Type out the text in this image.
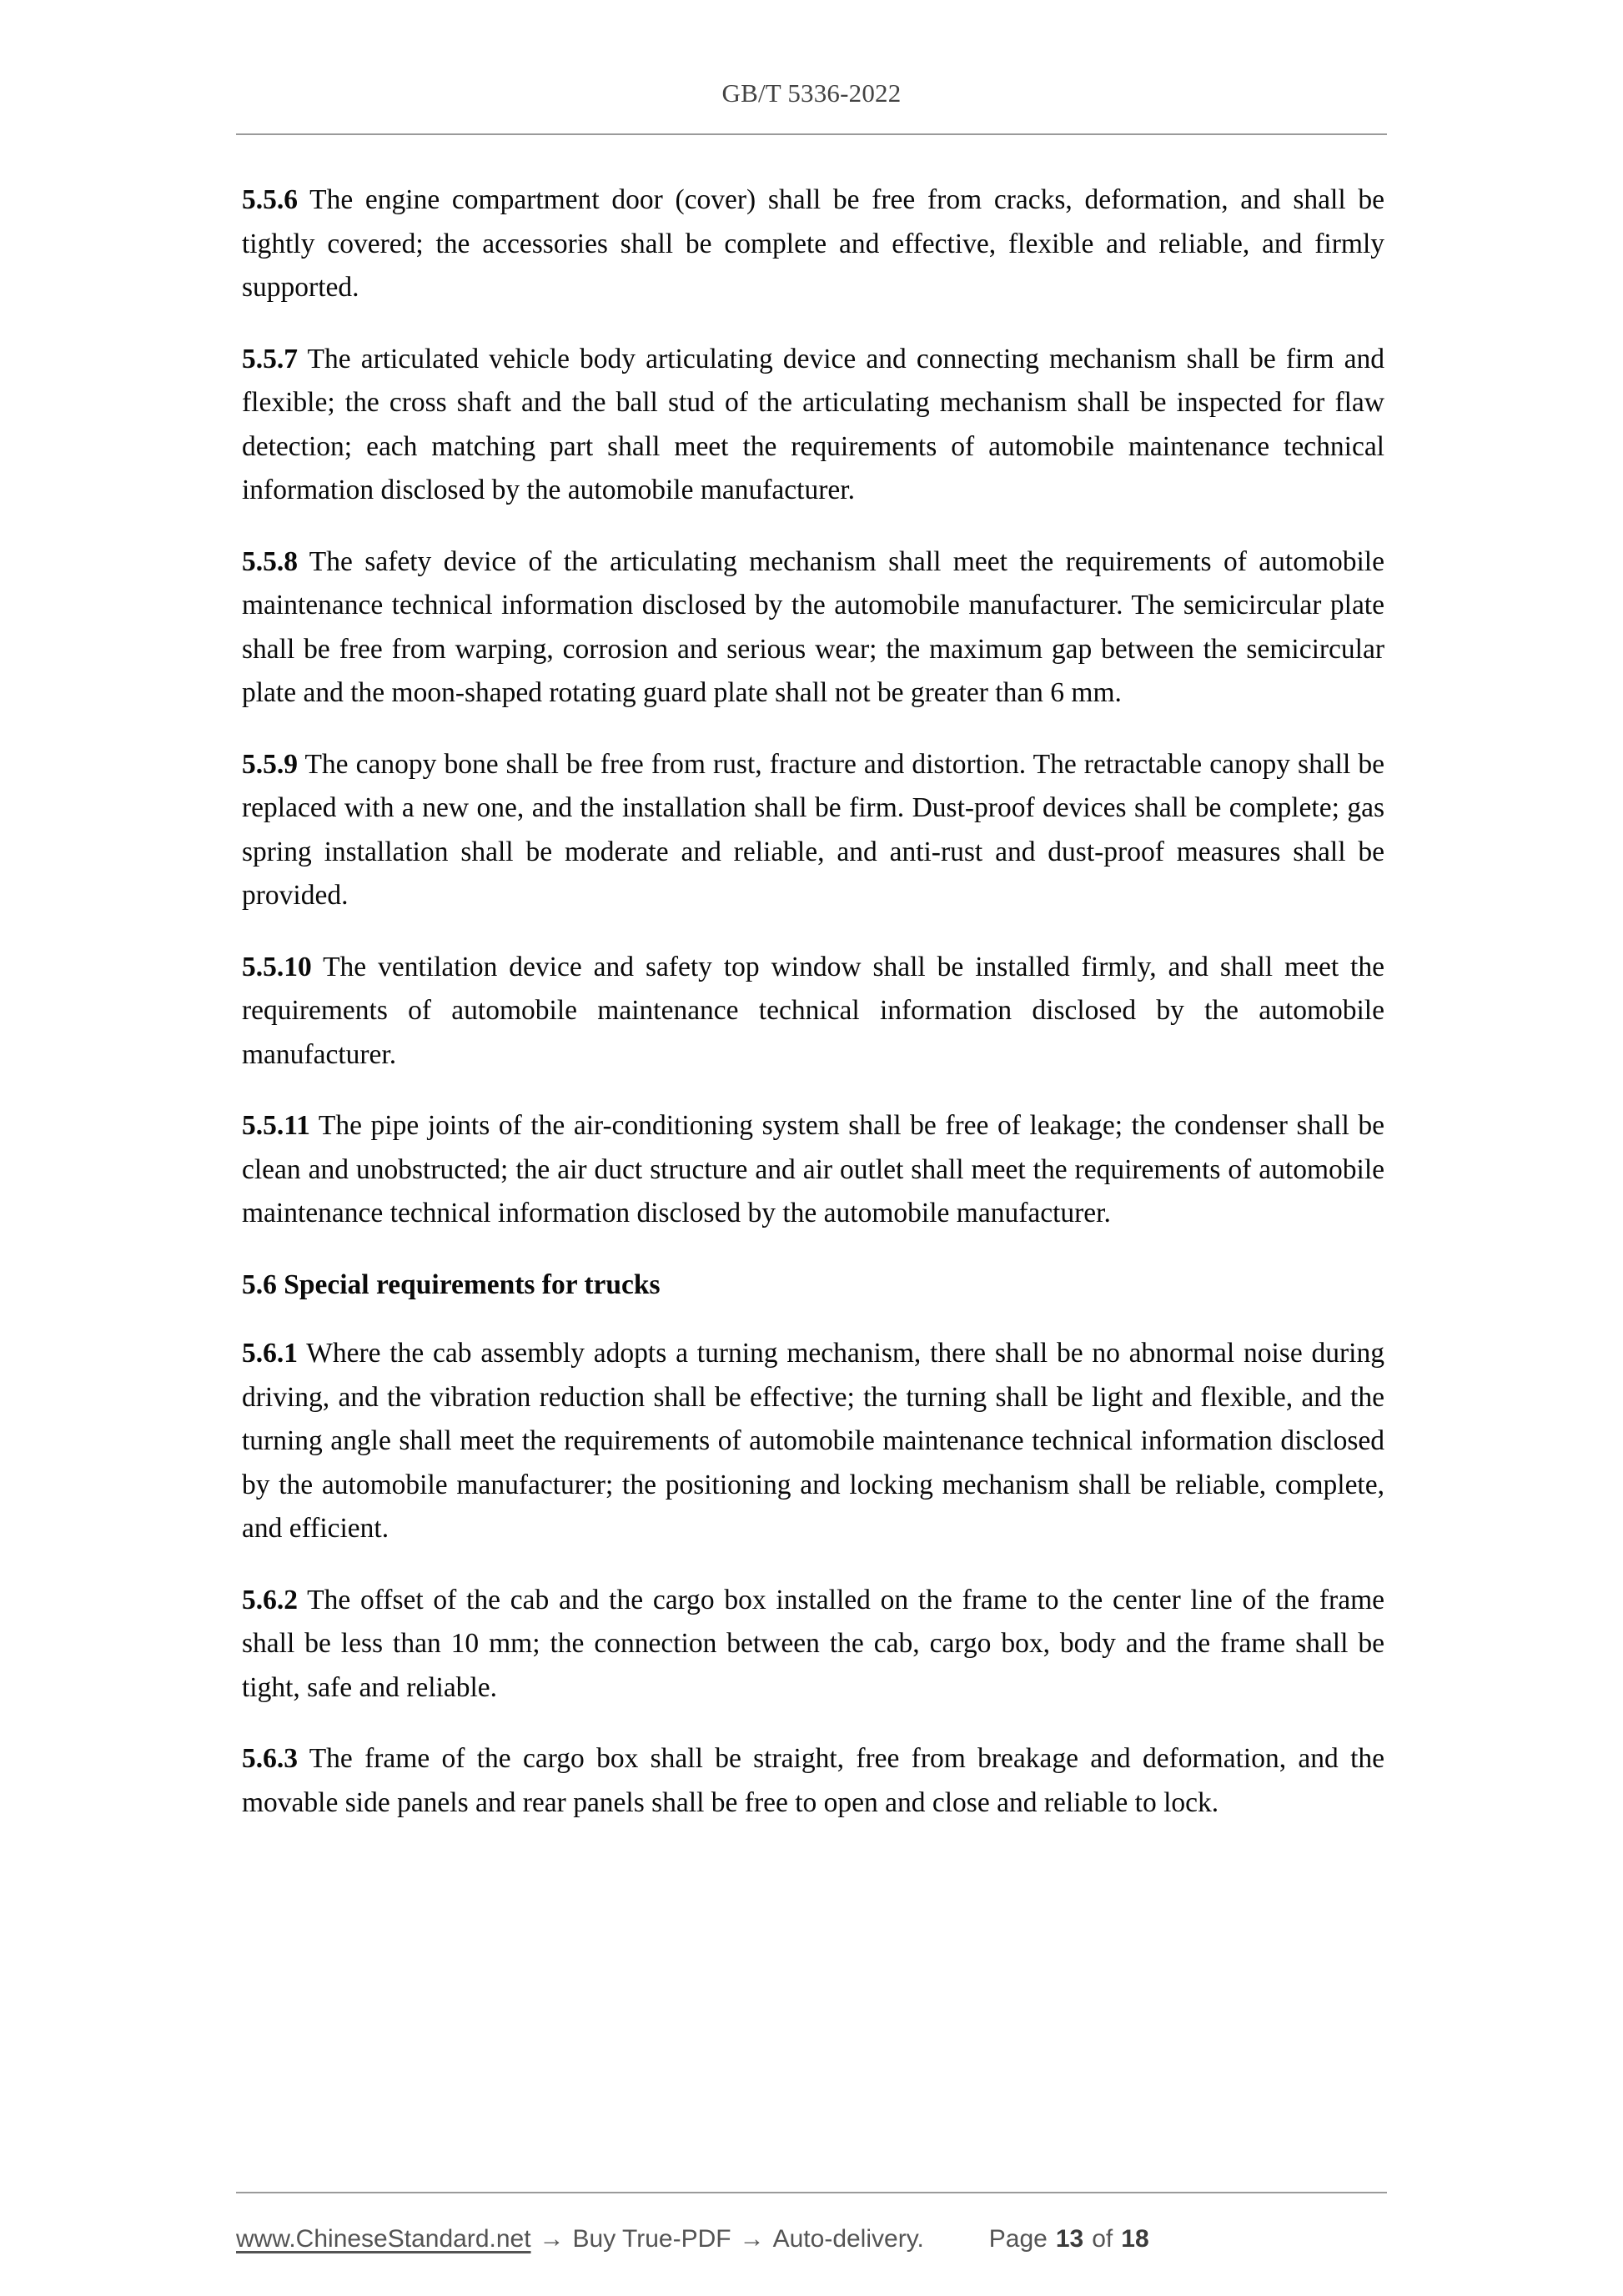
GB/T 5336-2022

5.5.6 The engine compartment door (cover) shall be free from cracks, deformation, and shall be tightly covered; the accessories shall be complete and effective, flexible and reliable, and firmly supported.

5.5.7 The articulated vehicle body articulating device and connecting mechanism shall be firm and flexible; the cross shaft and the ball stud of the articulating mechanism shall be inspected for flaw detection; each matching part shall meet the requirements of automobile maintenance technical information disclosed by the automobile manufacturer.

5.5.8 The safety device of the articulating mechanism shall meet the requirements of automobile maintenance technical information disclosed by the automobile manufacturer. The semicircular plate shall be free from warping, corrosion and serious wear; the maximum gap between the semicircular plate and the moon-shaped rotating guard plate shall not be greater than 6 mm.

5.5.9 The canopy bone shall be free from rust, fracture and distortion. The retractable canopy shall be replaced with a new one, and the installation shall be firm. Dust-proof devices shall be complete; gas spring installation shall be moderate and reliable, and anti-rust and dust-proof measures shall be provided.

5.5.10 The ventilation device and safety top window shall be installed firmly, and shall meet the requirements of automobile maintenance technical information disclosed by the automobile manufacturer.

5.5.11 The pipe joints of the air-conditioning system shall be free of leakage; the condenser shall be clean and unobstructed; the air duct structure and air outlet shall meet the requirements of automobile maintenance technical information disclosed by the automobile manufacturer.

5.6 Special requirements for trucks

5.6.1 Where the cab assembly adopts a turning mechanism, there shall be no abnormal noise during driving, and the vibration reduction shall be effective; the turning shall be light and flexible, and the turning angle shall meet the requirements of automobile maintenance technical information disclosed by the automobile manufacturer; the positioning and locking mechanism shall be reliable, complete, and efficient.

5.6.2 The offset of the cab and the cargo box installed on the frame to the center line of the frame shall be less than 10 mm; the connection between the cab, cargo box, body and the frame shall be tight, safe and reliable.

5.6.3 The frame of the cargo box shall be straight, free from breakage and deformation, and the movable side panels and rear panels shall be free to open and close and reliable to lock.

www.ChineseStandard.net → Buy True-PDF → Auto-delivery.	Page 13 of 18
